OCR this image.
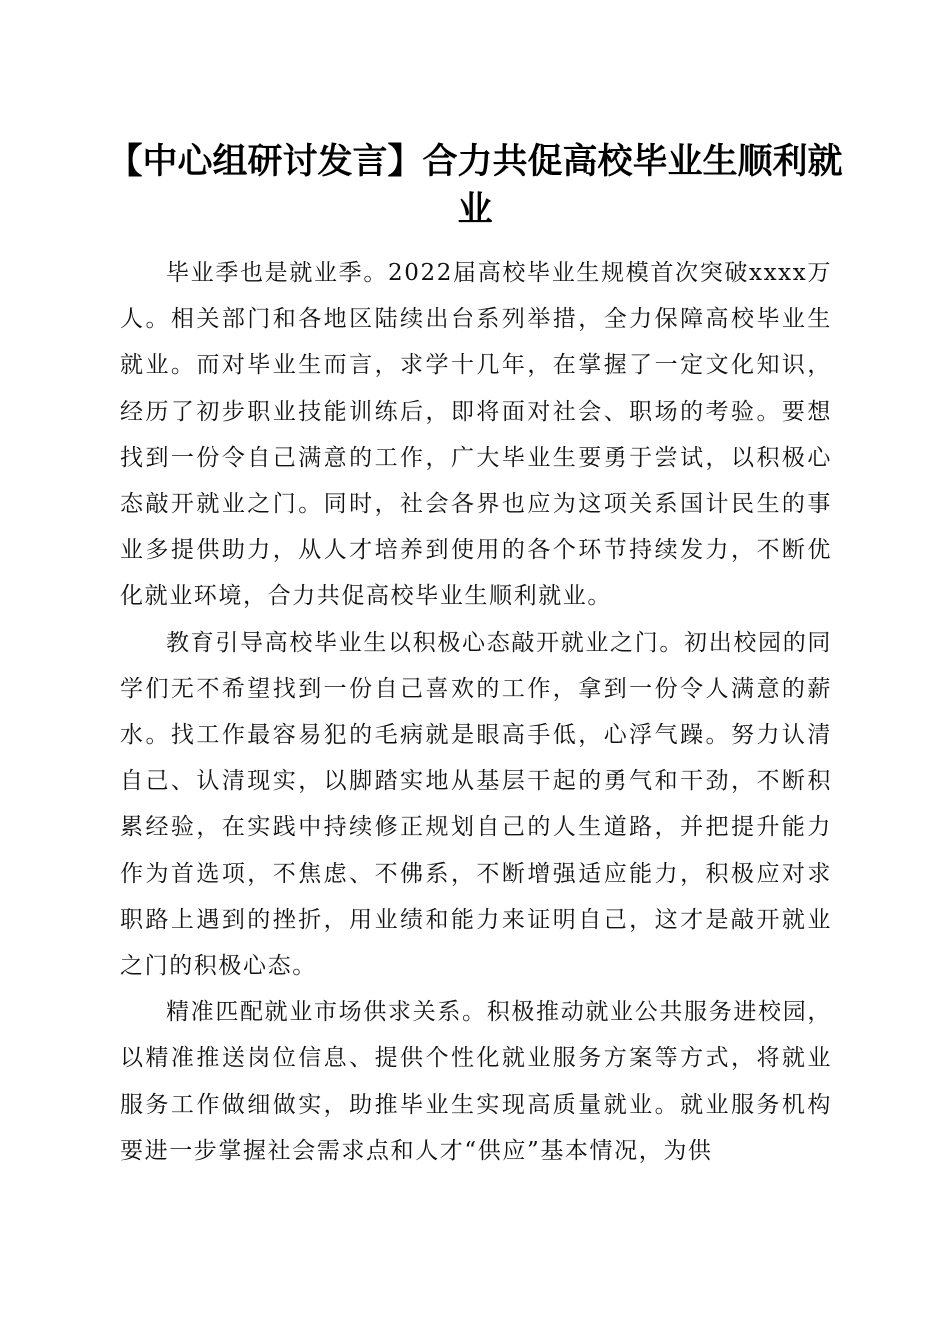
【中心组研讨发言】合力共促高校毕业生顺利就业

毕业季也是就业季。2022届高校毕业生规模首次突破xxxx万人。相关部门和各地区陆续出台系列举措，全力保障高校毕业生就业。而对毕业生而言，求学十几年，在掌握了一定文化知识，经历了初步职业技能训练后，即将面对社会、职场的考验。要想找到一份令自己满意的工作，广大毕业生要勇于尝试，以积极心态敲开就业之门。同时，社会各界也应为这项关系国计民生的事业多提供助力，从人才培养到使用的各个环节持续发力，不断优化就业环境，合力共促高校毕业生顺利就业。

教育引导高校毕业生以积极心态敲开就业之门。初出校园的同学们无不希望找到一份自己喜欢的工作，拿到一份令人满意的薪水。找工作最容易犯的毛病就是眼高手低，心浮气躁。努力认清自己、认清现实，以脚踏实地从基层干起的勇气和干劲，不断积累经验，在实践中持续修正规划自己的人生道路，并把提升能力作为首选项，不焦虑、不佛系，不断增强适应能力，积极应对求职路上遇到的挫折，用业绩和能力来证明自己，这才是敲开就业之门的积极心态。

精准匹配就业市场供求关系。积极推动就业公共服务进校园，以精准推送岗位信息、提供个性化就业服务方案等方式，将就业服务工作做细做实，助推毕业生实现高质量就业。就业服务机构要进一步掌握社会需求点和人才“供应”基本情况，为供
